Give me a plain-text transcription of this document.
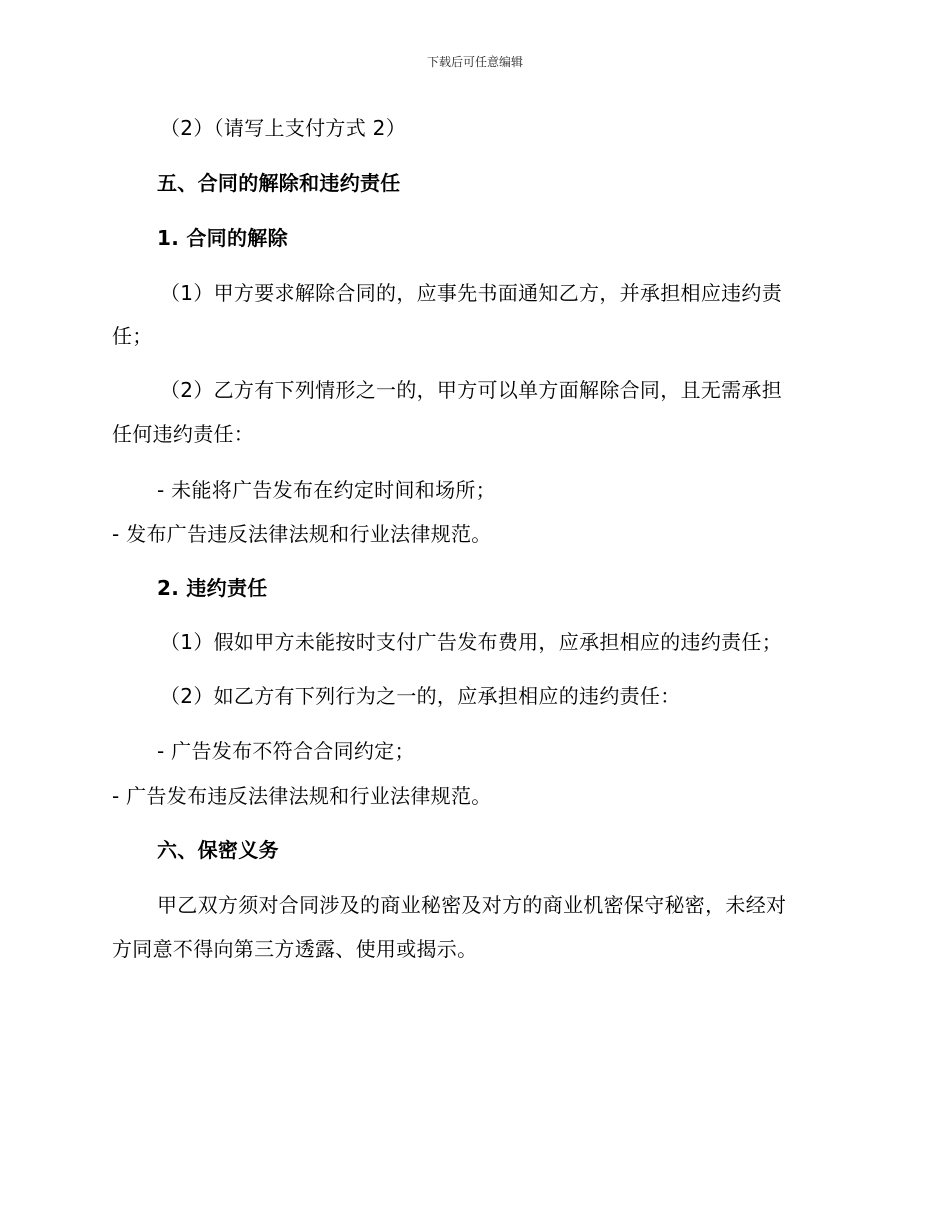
下载后可任意编辑
（2）（请写上支付方式 2）
五、合同的解除和违约责任
1. 合同的解除
（1）甲方要求解除合同的，应事先书面通知乙方，并承担相应违约责
任；
（2）乙方有下列情形之一的，甲方可以单方面解除合同，且无需承担
任何违约责任：
- 未能将广告发布在约定时间和场所；
- 发布广告违反法律法规和行业法律规范。
2. 违约责任
（1）假如甲方未能按时支付广告发布费用，应承担相应的违约责任；
（2）如乙方有下列行为之一的，应承担相应的违约责任：
- 广告发布不符合合同约定；
- 广告发布违反法律法规和行业法律规范。
六、保密义务
甲乙双方须对合同涉及的商业秘密及对方的商业机密保守秘密，未经对
方同意不得向第三方透露、使用或揭示。
